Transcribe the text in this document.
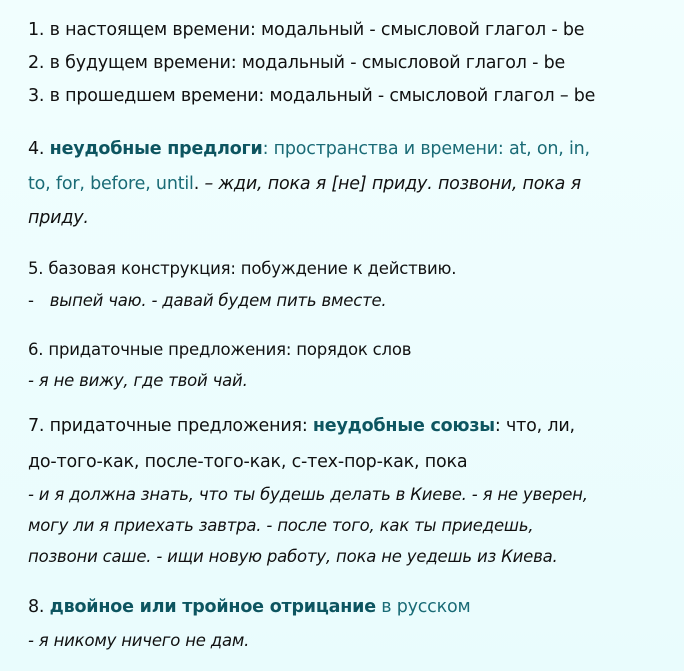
1. в настоящем времени: модальный - смысловой глагол - be
2. в будущем времени: модальный - смысловой глагол - be
3. в прошедшем времени: модальный - смысловой глагол – be
4. неудобные предлоги: пространства и времени: at, on, in,
to, for, before, until. – жди, пока я [не] приду. позвони, пока я
приду.
5. базовая конструкция: побуждение к действию.
- выпей чаю. - давай будем пить вместе.
6. придаточные предложения: порядок слов
- я не вижу, где твой чай.
7. придаточные предложения: неудобные союзы: что, ли,
до-того-как, после-того-как, с-тех-пор-как, пока
- и я должна знать, что ты будешь делать в Киеве. - я не уверен,
могу ли я приехать завтра. - после того, как ты приедешь,
позвони саше. - ищи новую работу, пока не уедешь из Киева.
8. двойное или тройное отрицание в русском
- я никому ничего не дам.
